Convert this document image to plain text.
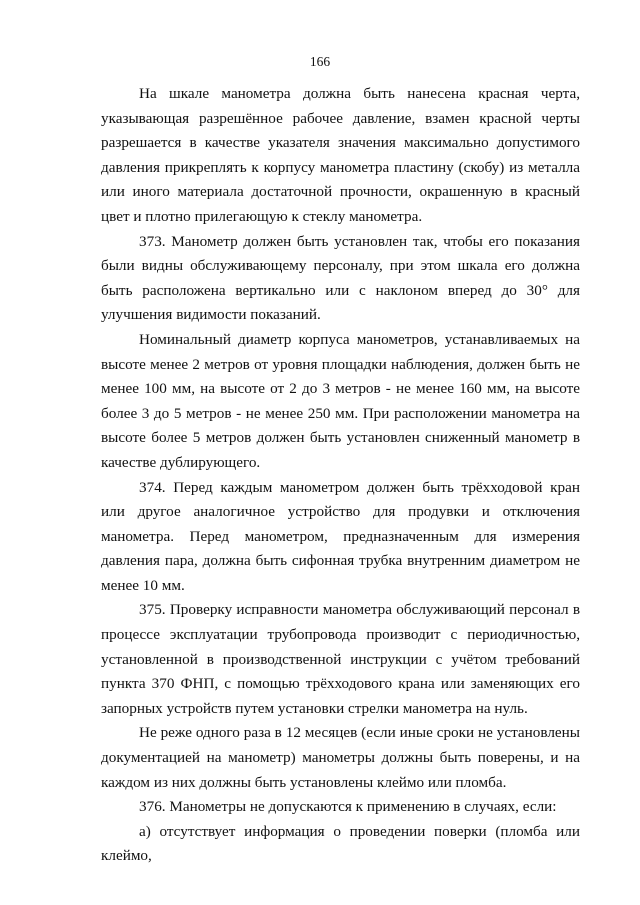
166

На шкале манометра должна быть нанесена красная черта, указывающая разрешённое рабочее давление, взамен красной черты разрешается в качестве указателя значения максимально допустимого давления прикреплять к корпусу манометра пластину (скобу) из металла или иного материала достаточной прочности, окрашенную в красный цвет и плотно прилегающую к стеклу манометра.

373. Манометр должен быть установлен так, чтобы его показания были видны обслуживающему персоналу, при этом шкала его должна быть расположена вертикально или с наклоном вперед до 30° для улучшения видимости показаний.

Номинальный диаметр корпуса манометров, устанавливаемых на высоте менее 2 метров от уровня площадки наблюдения, должен быть не менее 100 мм, на высоте от 2 до 3 метров - не менее 160 мм, на высоте более 3 до 5 метров - не менее 250 мм. При расположении манометра на высоте более 5 метров должен быть установлен сниженный манометр в качестве дублирующего.

374. Перед каждым манометром должен быть трёхходовой кран или другое аналогичное устройство для продувки и отключения манометра. Перед манометром, предназначенным для измерения давления пара, должна быть сифонная трубка внутренним диаметром не менее 10 мм.

375. Проверку исправности манометра обслуживающий персонал в процессе эксплуатации трубопровода производит с периодичностью, установленной в производственной инструкции с учётом требований пункта 370 ФНП, с помощью трёхходового крана или заменяющих его запорных устройств путем установки стрелки манометра на нуль.

Не реже одного раза в 12 месяцев (если иные сроки не установлены документацией на манометр) манометры должны быть поверены, и на каждом из них должны быть установлены клеймо или пломба.

376. Манометры не допускаются к применению в случаях, если:

а) отсутствует информация о проведении поверки (пломба или клеймо,
